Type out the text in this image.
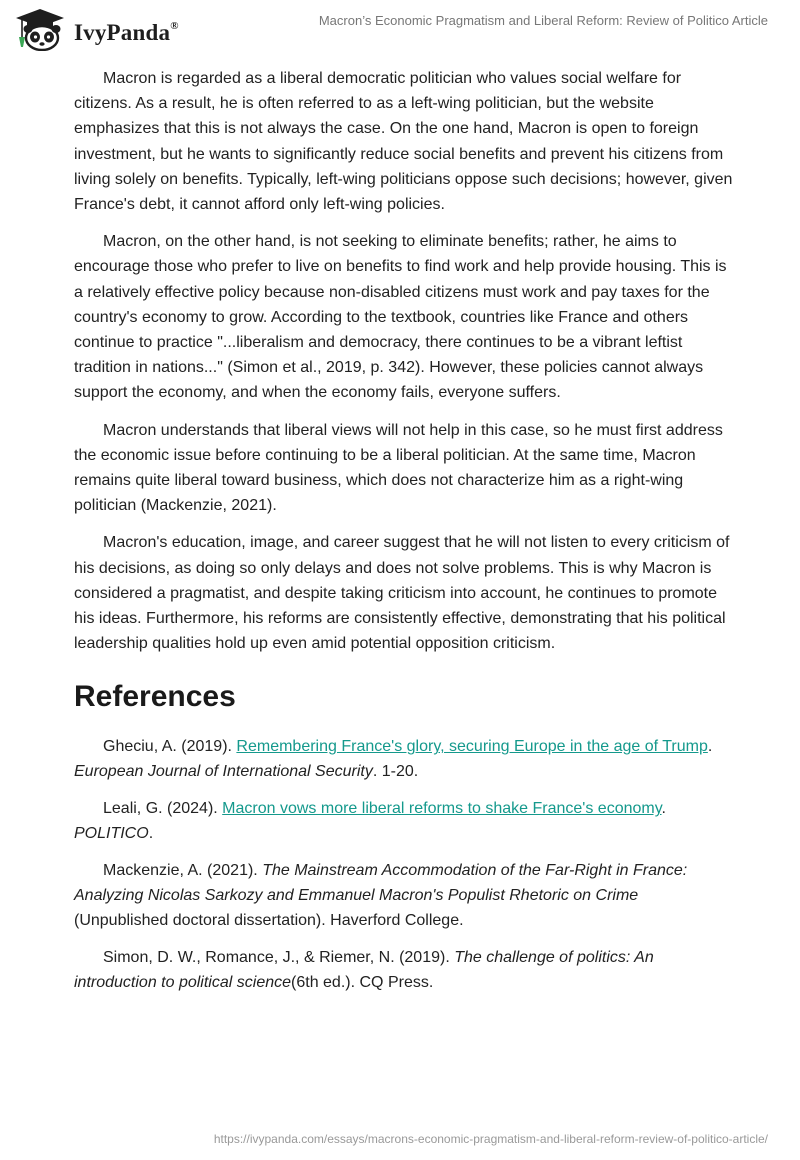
IvyPanda®	Macron’s Economic Pragmatism and Liberal Reform: Review of Politico Article

Macron is regarded as a liberal democratic politician who values social welfare for citizens. As a result, he is often referred to as a left-wing politician, but the website emphasizes that this is not always the case. On the one hand, Macron is open to foreign investment, but he wants to significantly reduce social benefits and prevent his citizens from living solely on benefits. Typically, left-wing politicians oppose such decisions; however, given France's debt, it cannot afford only left-wing policies.

Macron, on the other hand, is not seeking to eliminate benefits; rather, he aims to encourage those who prefer to live on benefits to find work and help provide housing. This is a relatively effective policy because non-disabled citizens must work and pay taxes for the country's economy to grow. According to the textbook, countries like France and others continue to practice "...liberalism and democracy, there continues to be a vibrant leftist tradition in nations..." (Simon et al., 2019, p. 342). However, these policies cannot always support the economy, and when the economy fails, everyone suffers.

Macron understands that liberal views will not help in this case, so he must first address the economic issue before continuing to be a liberal politician. At the same time, Macron remains quite liberal toward business, which does not characterize him as a right-wing politician (Mackenzie, 2021).

Macron's education, image, and career suggest that he will not listen to every criticism of his decisions, as doing so only delays and does not solve problems. This is why Macron is considered a pragmatist, and despite taking criticism into account, he continues to promote his ideas. Furthermore, his reforms are consistently effective, demonstrating that his political leadership qualities hold up even amid potential opposition criticism.

References

Gheciu, A. (2019). Remembering France's glory, securing Europe in the age of Trump. European Journal of International Security. 1-20.

Leali, G. (2024). Macron vows more liberal reforms to shake France's economy. POLITICO.

Mackenzie, A. (2021). The Mainstream Accommodation of the Far-Right in France: Analyzing Nicolas Sarkozy and Emmanuel Macron's Populist Rhetoric on Crime (Unpublished doctoral dissertation). Haverford College.

Simon, D. W., Romance, J., & Riemer, N. (2019). The challenge of politics: An introduction to political science(6th ed.). CQ Press.

https://ivypanda.com/essays/macrons-economic-pragmatism-and-liberal-reform-review-of-politico-article/
